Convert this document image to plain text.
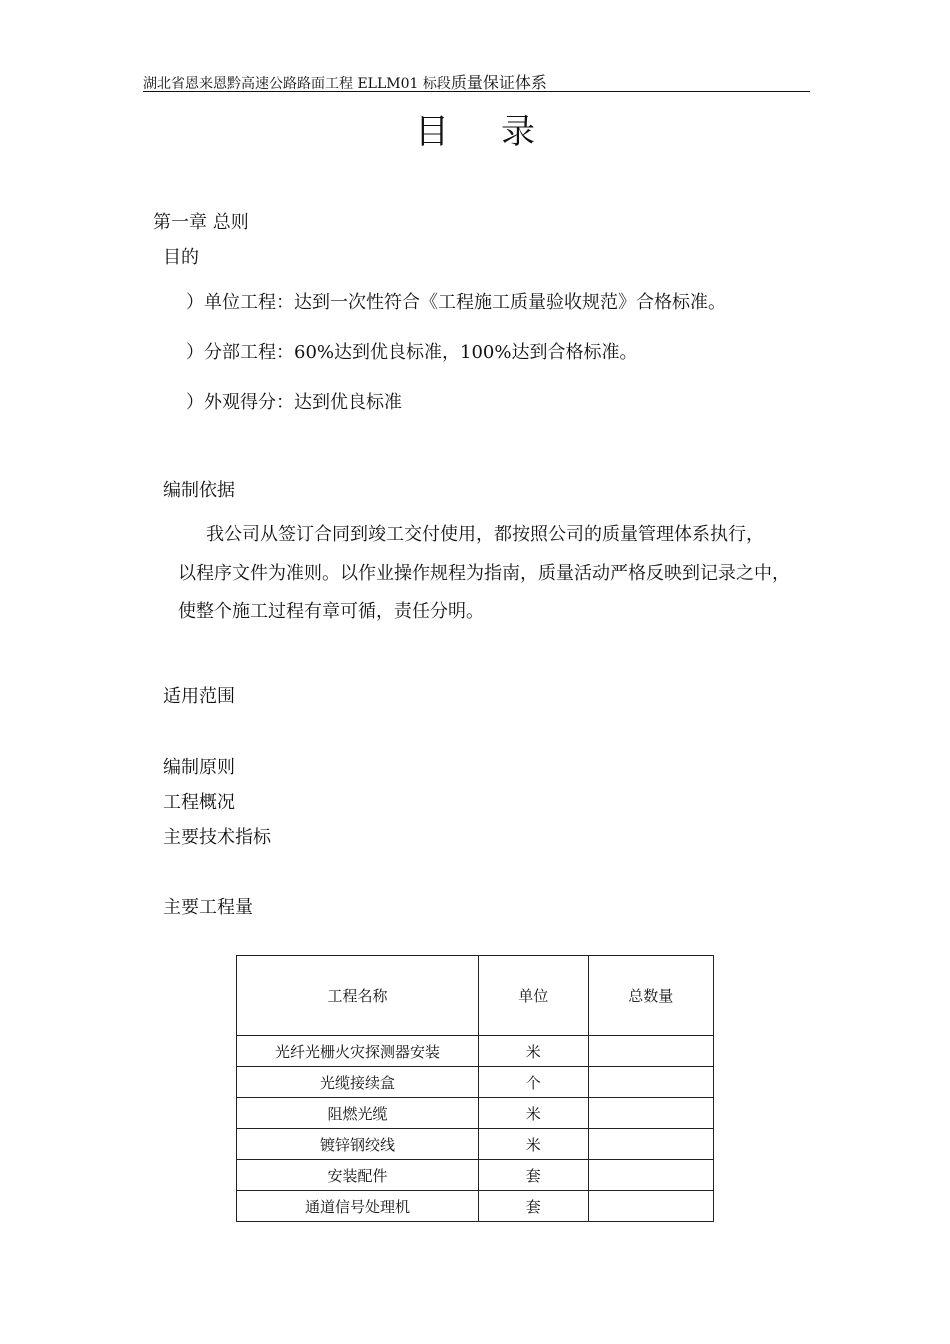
湖北省恩来恩黔高速公路路面工程 ELLM01 标段质量保证体系
目录
第一章 总则
目的
）单位工程：达到一次性符合《工程施工质量验收规范》合格标准。
）分部工程：60%达到优良标准，100%达到合格标准。
）外观得分：达到优良标准
编制依据
我公司从签订合同到竣工交付使用，都按照公司的质量管理体系执行，
以程序文件为准则。以作业操作规程为指南，质量活动严格反映到记录之中，
使整个施工过程有章可循，责任分明。
适用范围
编制原则
工程概况
主要技术指标
主要工程量
工程名称	单位	总数量
光纤光栅火灾探测器安装	米	
光缆接续盒	个	
阻燃光缆	米	
镀锌钢绞线	米	
安装配件	套	
通道信号处理机	套	
